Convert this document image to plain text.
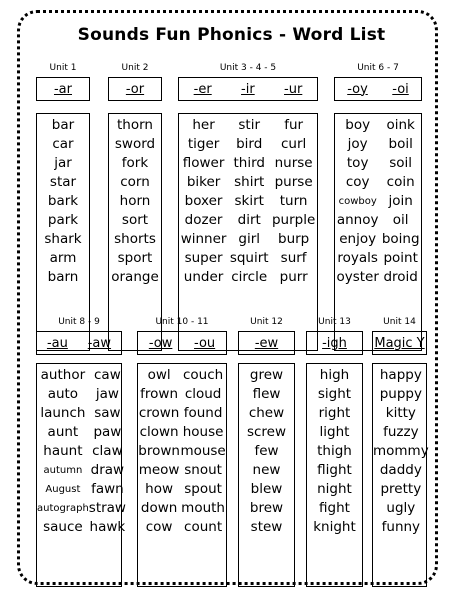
Sounds Fun Phonics - Word List
Unit 1
-ar
bar
car
jar
star
bark
park
shark
arm
barn
Unit 2
-or
thorn
sword
fork
corn
horn
sort
shorts
sport
orange
Unit 3 - 4 - 5
-er -ir -ur
her
tiger
flower
biker
boxer
dozer
winner
super
under
stir
bird
third
shirt
skirt
dirt
girl
squirt
circle
fur
curl
nurse
purse
turn
purple
burp
surf
purr
Unit 6 - 7
-oy -oi
boy
joy
toy
coy
cowboy
annoy
enjoy
royals
oyster
oink
boil
soil
coin
join
oil
boing
point
droid
Unit 8 - 9
-au -aw
author
auto
launch
aunt
haunt
autumn
August
autograph
sauce
caw
jaw
saw
paw
claw
draw
fawn
straw
hawk
Unit 10 - 11
-ow -ou
owl
frown
crown
clown
brown
meow
how
down
cow
couch
cloud
found
house
mouse
snout
spout
mouth
count
Unit 12
-ew
grew
flew
chew
screw
few
new
blew
brew
stew
Unit 13
-igh
high
sight
right
light
thigh
flight
night
fight
knight
Unit 14
Magic Y
happy
puppy
kitty
fuzzy
mommy
daddy
pretty
ugly
funny
